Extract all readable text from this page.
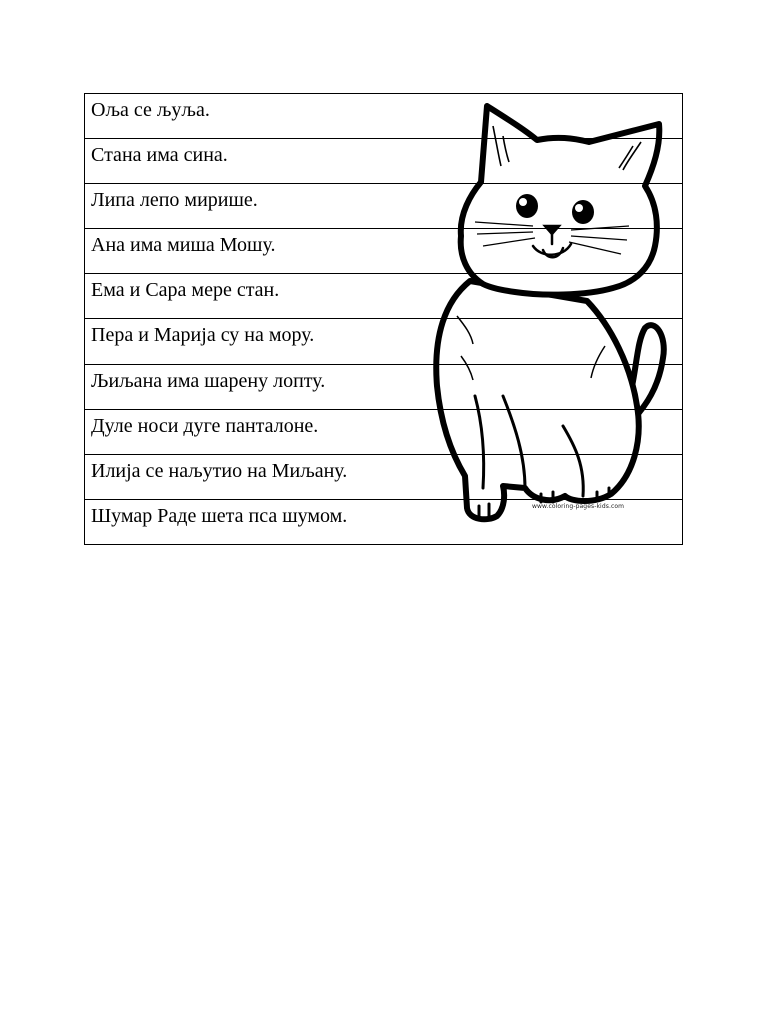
Оља се љуља.
Стана има сина.
Липа лепо мирише.
Ана има миша Мошу.
Ема и Сара мере стан.
Пера и Марија су на мору.
Љиљана има шарену лопту.
Дуле носи дуге панталоне.
Илија се наљутио на Миљану.
Шумар Раде шета пса шумом.	www.coloring-pages-kids.com
